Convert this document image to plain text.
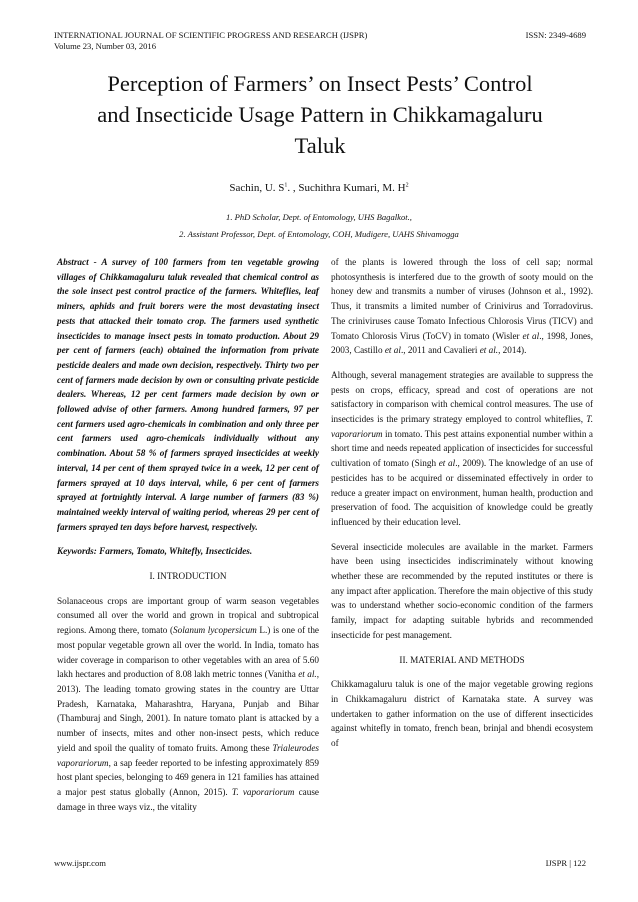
INTERNATIONAL JOURNAL OF SCIENTIFIC PROGRESS AND RESEARCH (IJSPR)
Volume 23, Number 03, 2016
ISSN: 2349-4689
Perception of Farmers’ on Insect Pests’ Control
and Insecticide Usage Pattern in Chikkamagaluru
Taluk
Sachin, U. $S^1$. , Suchithra Kumari, M. $H^2$
1. PhD Scholar, Dept. of Entomology, UHS Bagalkot.,
2. Assistant Professor, Dept. of Entomology, COH, Mudigere, UAHS Shivamogga

Abstract - A survey of 100 farmers from ten vegetable growing villages of Chikkamagaluru taluk revealed that chemical control as the sole insect pest control practice of the farmers. Whiteflies, leaf miners, aphids and fruit borers were the most devastating insect pests that attacked their tomato crop. The farmers used synthetic insecticides to manage insect pests in tomato production. About 29 per cent of farmers (each) obtained the information from private pesticide dealers and made own decision, respectively. Thirty two per cent of farmers made decision by own or consulting private pesticide dealers. Whereas, 12 per cent farmers made decision by own or followed advise of other farmers. Among hundred farmers, 97 per cent farmers used agro-chemicals in combination and only three per cent farmers used agro-chemicals individually without any combination. About 58 % of farmers sprayed insecticides at weekly interval, 14 per cent of them sprayed twice in a week, 12 per cent of farmers sprayed at 10 days interval, while, 6 per cent of farmers sprayed at fortnightly interval. A large number of farmers (83 %) maintained weekly interval of waiting period, whereas 29 per cent of farmers sprayed ten days before harvest, respectively.

Keywords: Farmers, Tomato, Whitefly, Insecticides.

I. INTRODUCTION

Solanaceous crops are important group of warm season vegetables consumed all over the world and grown in tropical and subtropical regions. Among there, tomato (Solanum lycopersicum L.) is one of the most popular vegetable grown all over the world. In India, tomato has wider coverage in comparison to other vegetables with an area of 5.60 lakh hectares and production of 8.08 lakh metric tonnes (Vanitha et al., 2013). The leading tomato growing states in the country are Uttar Pradesh, Karnataka, Maharashtra, Haryana, Punjab and Bihar (Thamburaj and Singh, 2001). In nature tomato plant is attacked by a number of insects, mites and other non-insect pests, which reduce yield and spoil the quality of tomato fruits. Among these Trialeurodes vaporariorum, a sap feeder reported to be infesting approximately 859 host plant species, belonging to 469 genera in 121 families has attained a major pest status globally (Annon, 2015). T. vaporariorum cause damage in three ways viz., the vitality

of the plants is lowered through the loss of cell sap; normal photosynthesis is interfered due to the growth of sooty mould on the honey dew and transmits a number of viruses (Johnson et al., 1992). Thus, it transmits a limited number of Crinivirus and Torradovirus. The criniviruses cause Tomato Infectious Chlorosis Virus (TICV) and Tomato Chlorosis Virus (ToCV) in tomato (Wisler et al., 1998, Jones, 2003, Castillo et al., 2011 and Cavalieri et al., 2014).

Although, several management strategies are available to suppress the pests on crops, efficacy, spread and cost of operations are not satisfactory in comparison with chemical control measures. The use of insecticides is the primary strategy employed to control whiteflies, T. vaporariorum in tomato. This pest attains exponential number within a short time and needs repeated application of insecticides for successful cultivation of tomato (Singh et al., 2009). The knowledge of an use of pesticides has to be acquired or disseminated effectively in order to reduce a greater impact on environment, human health, production and preservation of food. The acquisition of knowledge could be greatly influenced by their education level.

Several insecticide molecules are available in the market. Farmers have been using insecticides indiscriminately without knowing whether these are recommended by the reputed institutes or there is any impact after application. Therefore the main objective of this study was to understand whether socio-economic condition of the farmers family, impact for adapting suitable hybrids and recommended insecticide for pest management.

II. MATERIAL AND METHODS

Chikkamagaluru taluk is one of the major vegetable growing regions in Chikkamagaluru district of Karnataka state. A survey was undertaken to gather information on the use of different insecticides against whitefly in tomato, french bean, brinjal and bhendi ecosystem of

www.ijspr.com	IJSPR | 122
